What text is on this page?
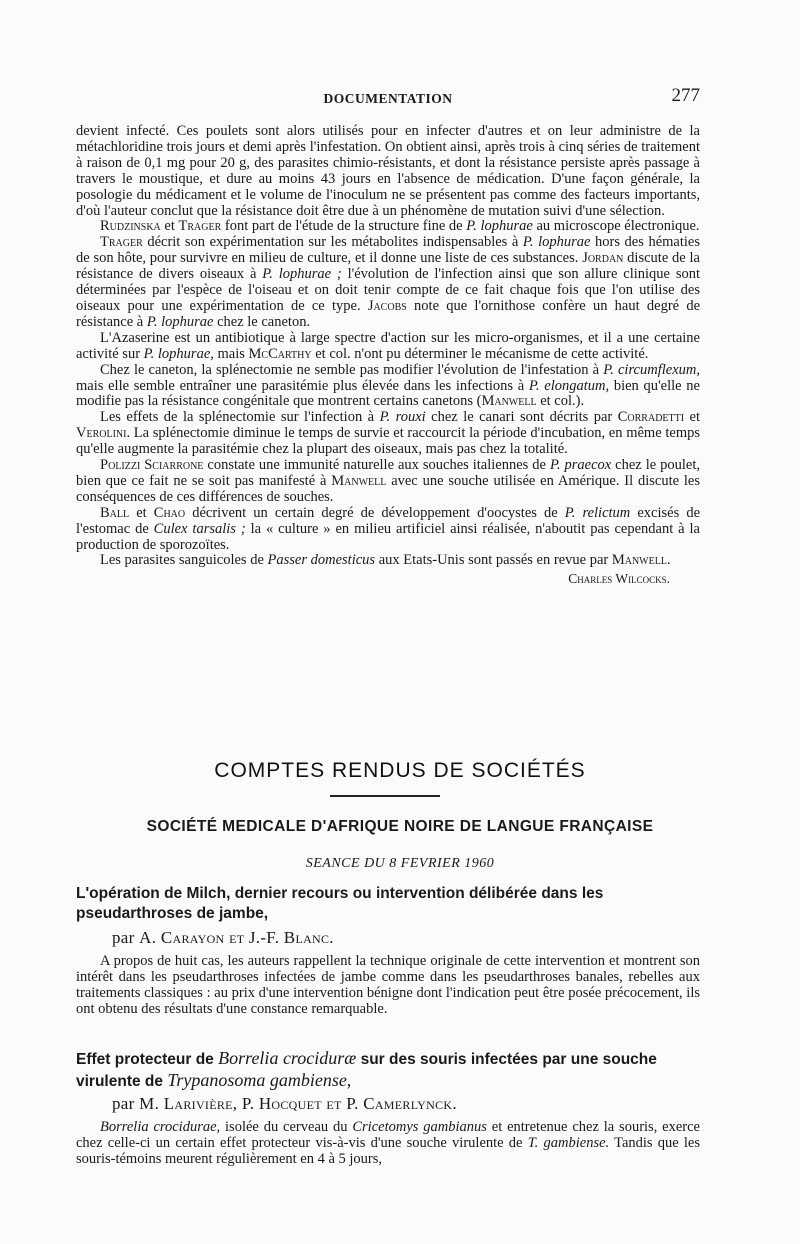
DOCUMENTATION	277

devient infecté. Ces poulets sont alors utilisés pour en infecter d'autres et on leur administre de la métachloridine trois jours et demi après l'infestation. On obtient ainsi, après trois à cinq séries de traitement à raison de 0,1 mg pour 20 g, des parasites chimio-résistants, et dont la résistance persiste après passage à travers le moustique, et dure au moins 43 jours en l'absence de médication. D'une façon générale, la posologie du médicament et le volume de l'inoculum ne se présentent pas comme des facteurs importants, d'où l'auteur conclut que la résistance doit être due à un phénomène de mutation suivi d'une sélection.

Rudzinska et Trager font part de l'étude de la structure fine de P. lophurae au microscope électronique.

Trager décrit son expérimentation sur les métabolites indispensables à P. lophurae hors des hématies de son hôte, pour survivre en milieu de culture, et il donne une liste de ces substances. Jordan discute de la résistance de divers oiseaux à P. lophurae ; l'évolution de l'infection ainsi que son allure clinique sont déterminées par l'espèce de l'oiseau et on doit tenir compte de ce fait chaque fois que l'on utilise des oiseaux pour une expérimentation de ce type. Jacobs note que l'ornithose confère un haut degré de résistance à P. lophurae chez le caneton.

L'Azaserine est un antibiotique à large spectre d'action sur les micro-organismes, et il a une certaine activité sur P. lophurae, mais McCarthy et col. n'ont pu déterminer le mécanisme de cette activité.

Chez le caneton, la splénectomie ne semble pas modifier l'évolution de l'infestation à P. circumflexum, mais elle semble entraîner une parasitémie plus élevée dans les infections à P. elongatum, bien qu'elle ne modifie pas la résistance congénitale que montrent certains canetons (Manwell et col.).

Les effets de la splénectomie sur l'infection à P. rouxi chez le canari sont décrits par Corradetti et Verolini. La splénectomie diminue le temps de survie et raccourcit la période d'incubation, en même temps qu'elle augmente la parasitémie chez la plupart des oiseaux, mais pas chez la totalité.

Polizzi Sciarrone constate une immunité naturelle aux souches italiennes de P. praecox chez le poulet, bien que ce fait ne se soit pas manifesté à Manwell avec une souche utilisée en Amérique. Il discute les conséquences de ces différences de souches.

Ball et Chao décrivent un certain degré de développement d'oocystes de P. relictum excisés de l'estomac de Culex tarsalis ; la « culture » en milieu artificiel ainsi réalisée, n'aboutit pas cependant à la production de sporozoïtes.

Les parasites sanguicoles de Passer domesticus aux Etats-Unis sont passés en revue par Manwell.

Charles Wilcocks.
COMPTES RENDUS DE SOCIÉTÉS
SOCIÉTÉ MEDICALE D'AFRIQUE NOIRE DE LANGUE FRANÇAISE
SEANCE DU 8 FEVRIER 1960
L'opération de Milch, dernier recours ou intervention délibérée dans les pseudarthroses de jambe,
par A. Carayon et J.-F. Blanc.

A propos de huit cas, les auteurs rappellent la technique originale de cette intervention et montrent son intérêt dans les pseudarthroses infectées de jambe comme dans les pseudarthroses banales, rebelles aux traitements classiques : au prix d'une intervention bénigne dont l'indication peut être posée précocement, ils ont obtenu des résultats d'une constance remarquable.

Effet protecteur de Borrelia crociduræ sur des souris infectées par une souche virulente de Trypanosoma gambiense,
par M. Larivière, P. Hocquet et P. Camerlynck.

Borrelia crocidurae, isolée du cerveau du Cricetomys gambianus et entretenue chez la souris, exerce chez celle-ci un certain effet protecteur vis-à-vis d'une souche virulente de T. gambiense. Tandis que les souris-témoins meurent régulièrement en 4 à 5 jours,
